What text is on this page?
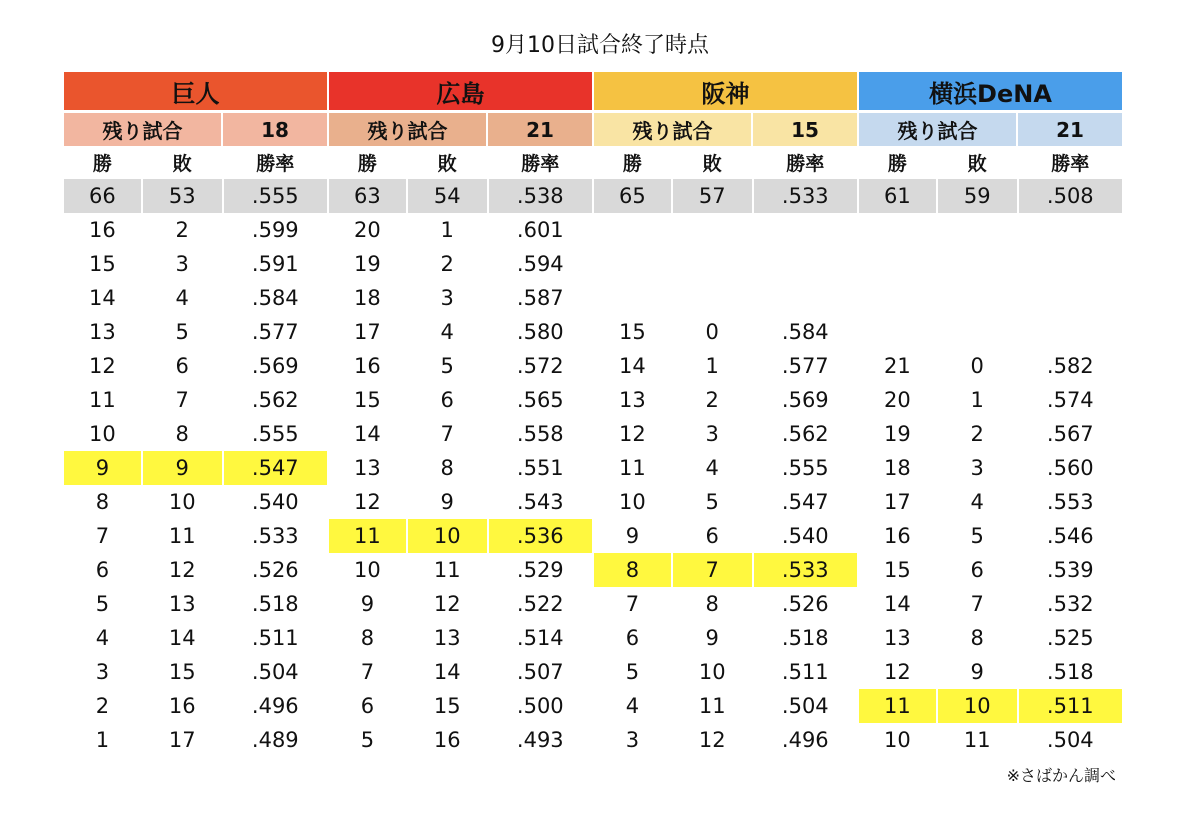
9月10日試合終了時点
巨人
残り試合	18
勝	敗	勝率
66	53	.555
16	2	.599
15	3	.591
14	4	.584
13	5	.577
12	6	.569
11	7	.562
10	8	.555
9	9	.547
8	10	.540
7	11	.533
6	12	.526
5	13	.518
4	14	.511
3	15	.504
2	16	.496
1	17	.489
広島
残り試合	21
勝	敗	勝率
63	54	.538
20	1	.601
19	2	.594
18	3	.587
17	4	.580
16	5	.572
15	6	.565
14	7	.558
13	8	.551
12	9	.543
11	10	.536
10	11	.529
9	12	.522
8	13	.514
7	14	.507
6	15	.500
5	16	.493
阪神
残り試合	15
勝	敗	勝率
65	57	.533
15	0	.584
14	1	.577
13	2	.569
12	3	.562
11	4	.555
10	5	.547
9	6	.540
8	7	.533
7	8	.526
6	9	.518
5	10	.511
4	11	.504
3	12	.496
横浜DeNA
残り試合	21
勝	敗	勝率
61	59	.508
21	0	.582
20	1	.574
19	2	.567
18	3	.560
17	4	.553
16	5	.546
15	6	.539
14	7	.532
13	8	.525
12	9	.518
11	10	.511
10	11	.504
※さばかん調べ
